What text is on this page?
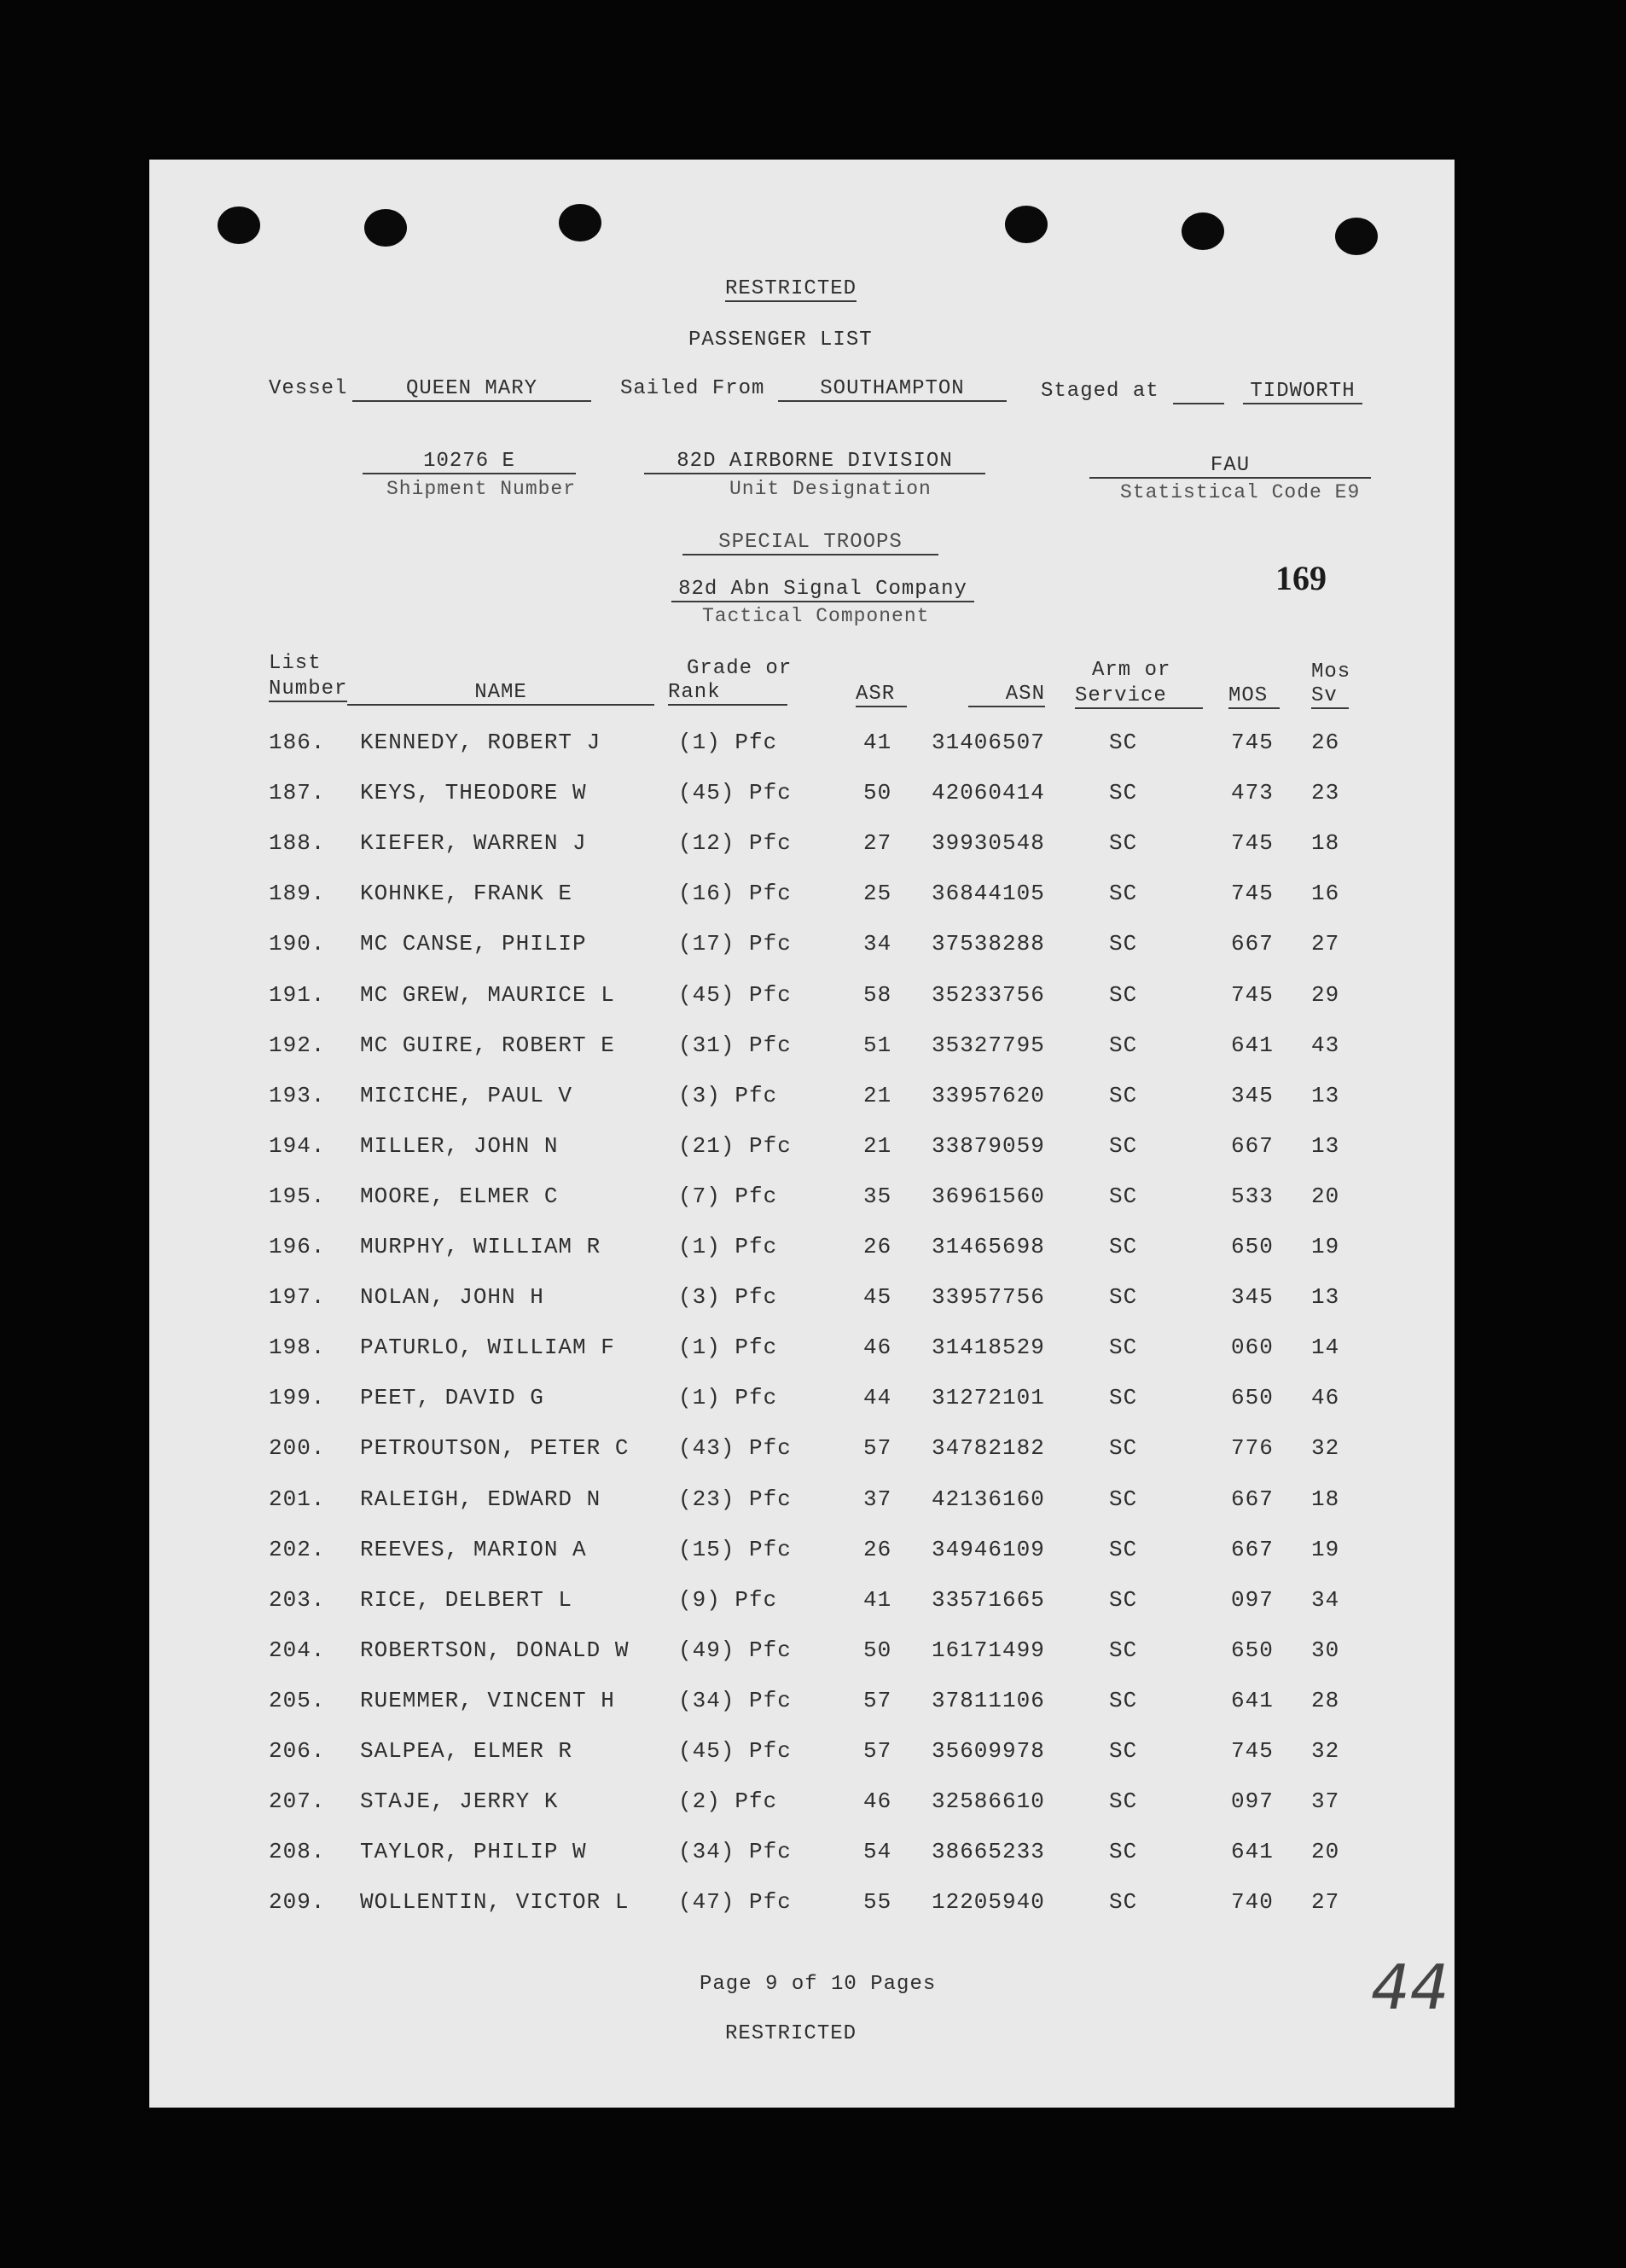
RESTRICTED
PASSENGER LIST
Vessel	QUEEN MARY	Sailed From	SOUTHAMPTON	Staged at
	TIDWORTH
10276 E
Shipment Number
82D AIRBORNE DIVISION
Unit Designation
FAU
Statistical Code E9
SPECIAL TROOPS
82d Abn Signal Company
Tactical Component
169
List
Number	NAME
Grade or
Rank	ASR	ASN
Arm or
Service	MOS
Mos
Sv
186. KENNEDY, ROBERT J	(1) Pfc	41 31406507	SC	745 26
187. KEYS, THEODORE W	(45) Pfc	50 42060414	SC	473 23
188. KIEFER, WARREN J	(12) Pfc	27 39930548	SC	745 18
189. KOHNKE, FRANK E	(16) Pfc	25 36844105	SC	745 16
190. MC CANSE, PHILIP	(17) Pfc	34 37538288	SC	667 27
191. MC GREW, MAURICE L	(45) Pfc	58 35233756	SC	745 29
192. MC GUIRE, ROBERT E	(31) Pfc	51 35327795	SC	641 43
193. MICICHE, PAUL V	(3) Pfc	21 33957620	SC	345 13
194. MILLER, JOHN N	(21) Pfc	21 33879059	SC	667 13
195. MOORE, ELMER C	(7) Pfc	35 36961560	SC	533 20
196. MURPHY, WILLIAM R	(1) Pfc	26 31465698	SC	650 19
197. NOLAN, JOHN H	(3) Pfc	45 33957756	SC	345 13
198. PATURLO, WILLIAM F	(1) Pfc	46 31418529	SC	060 14
199. PEET, DAVID G	(1) Pfc	44 31272101	SC	650 46
200. PETROUTSON, PETER C (43) Pfc	57 34782182	SC	776 32
201. RALEIGH, EDWARD N	(23) Pfc	37 42136160	SC	667 18
202. REEVES, MARION A	(15) Pfc	26 34946109	SC	667 19
203. RICE, DELBERT L	(9) Pfc	41 33571665	SC	097 34
204. ROBERTSON, DONALD W (49) Pfc	50 16171499	SC	650 30
205. RUEMMER, VINCENT H	(34) Pfc	57 37811106	SC	641 28
206. SALPEA, ELMER R	(45) Pfc	57 35609978	SC	745 32
207. STAJE, JERRY K	(2) Pfc	46 32586610	SC	097 37
208. TAYLOR, PHILIP W	(34) Pfc	54 38665233	SC	641 20
209. WOLLENTIN, VICTOR L (47) Pfc	55 12205940	SC	740 27
Page 9 of 10 Pages
RESTRICTED
44
